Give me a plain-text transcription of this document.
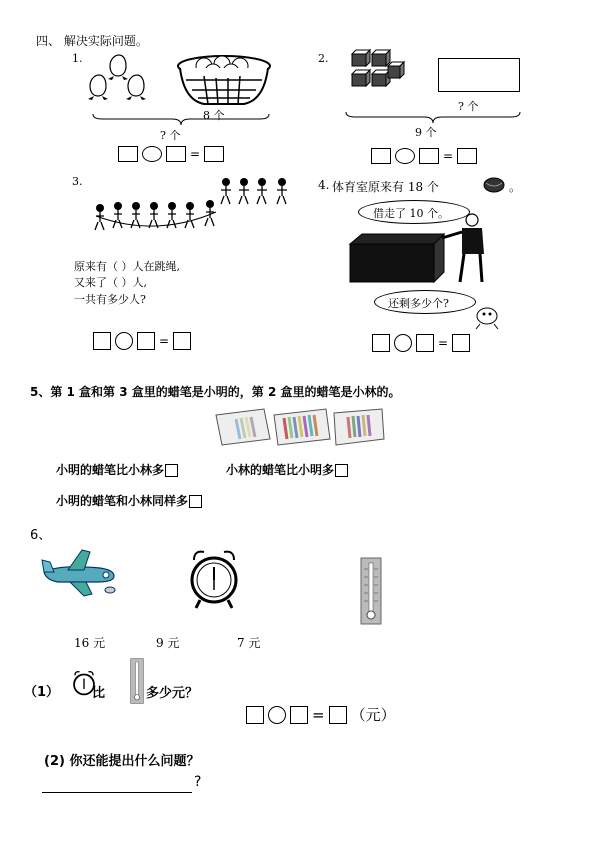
四、 解决实际问题。
1.
8 个
? 个
=
2.
? 个
9 个
=
3.
原来有（ ）人在跳绳,
又来了（ ）人,
一共有多少人?
=
4. 体育室原来有 18 个	。
借走了 10 个。
还剩多少个?
=
5、第 1 盒和第 3 盒里的蜡笔是小明的，第 2 盒里的蜡笔是小林的。
小明的蜡笔比小林多	小林的蜡笔比小明多
小明的蜡笔和小林同样多
6、
16 元	9 元	7 元
（1）	比	多少元？
= （元）
(2) 你还能提出什么问题？
?
